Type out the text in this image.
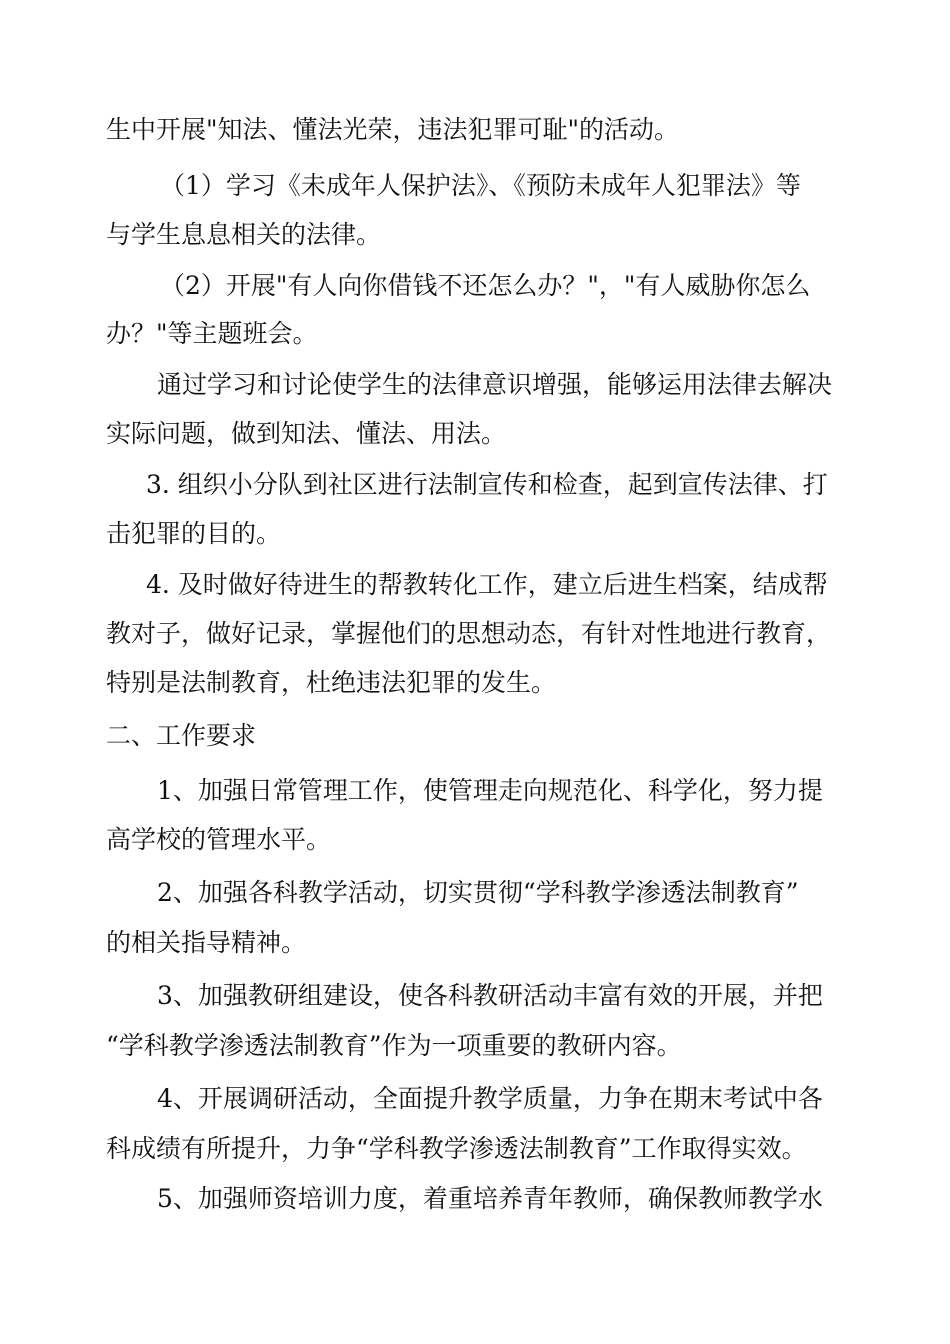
生中开展"知法、懂法光荣，违法犯罪可耻"的活动。
（1）学习《未成年人保护法》、《预防未成年人犯罪法》等
与学生息息相关的法律。
（2）开展"有人向你借钱不还怎么办？"，"有人威胁你怎么
办？"等主题班会。
通过学习和讨论使学生的法律意识增强，能够运用法律去解决
实际问题，做到知法、懂法、用法。
3. 组织小分队到社区进行法制宣传和检查，起到宣传法律、打
击犯罪的目的。
4. 及时做好待进生的帮教转化工作，建立后进生档案，结成帮
教对子，做好记录，掌握他们的思想动态，有针对性地进行教育，
特别是法制教育，杜绝违法犯罪的发生。
二、工作要求
1、加强日常管理工作，使管理走向规范化、科学化，努力提
高学校的管理水平。
2、加强各科教学活动，切实贯彻“学科教学渗透法制教育”
的相关指导精神。
3、加强教研组建设，使各科教研活动丰富有效的开展，并把
“学科教学渗透法制教育”作为一项重要的教研内容。
4、开展调研活动，全面提升教学质量，力争在期末考试中各
科成绩有所提升，力争“学科教学渗透法制教育”工作取得实效。
5、加强师资培训力度，着重培养青年教师，确保教师教学水
